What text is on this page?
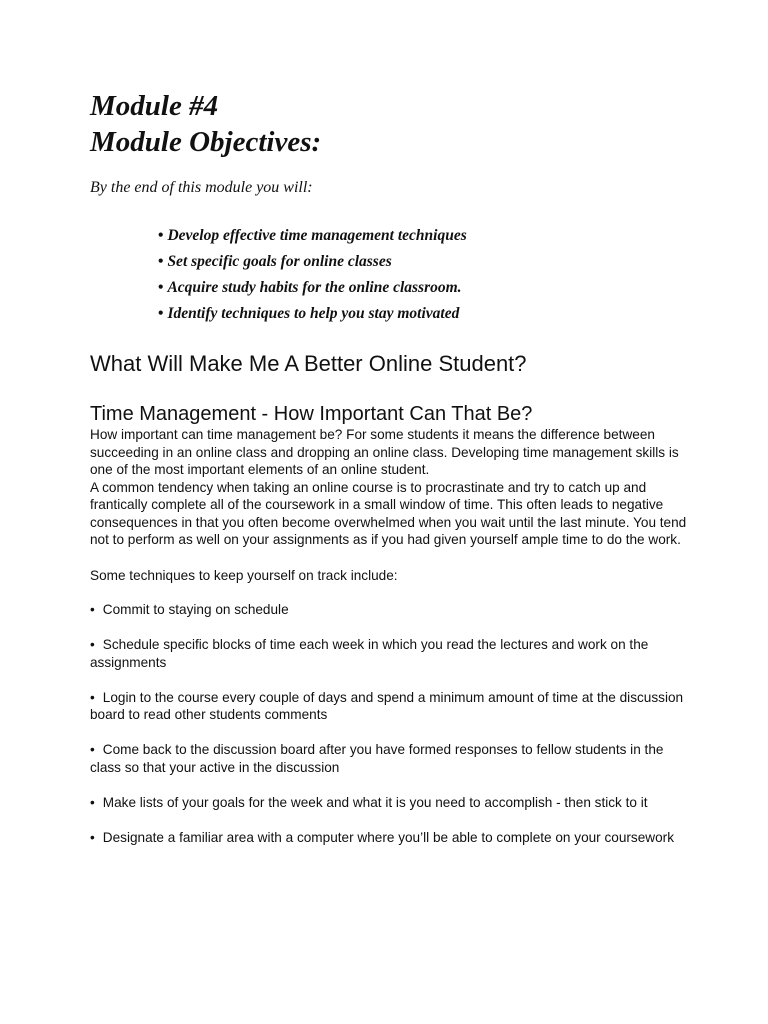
Module #4
Module Objectives:

By the end of this module you will:

• Develop effective time management techniques
• Set specific goals for online classes
• Acquire study habits for the online classroom.
• Identify techniques to help you stay motivated
What Will Make Me A Better Online Student?
Time Management - How Important Can That Be?

How important can time management be? For some students it means the difference between succeeding in an online class and dropping an online class. Developing time management skills is one of the most important elements of an online student.

A common tendency when taking an online course is to procrastinate and try to catch up and frantically complete all of the coursework in a small window of time. This often leads to negative consequences in that you often become overwhelmed when you wait until the last minute. You tend not to perform as well on your assignments as if you had given yourself ample time to do the work.

Some techniques to keep yourself on track include:

• Commit to staying on schedule
• Schedule specific blocks of time each week in which you read the lectures and work on the assignments
• Login to the course every couple of days and spend a minimum amount of time at the discussion board to read other students comments
• Come back to the discussion board after you have formed responses to fellow students in the class so that your active in the discussion
• Make lists of your goals for the week and what it is you need to accomplish - then stick to it
• Designate a familiar area with a computer where you’ll be able to complete on your coursework
